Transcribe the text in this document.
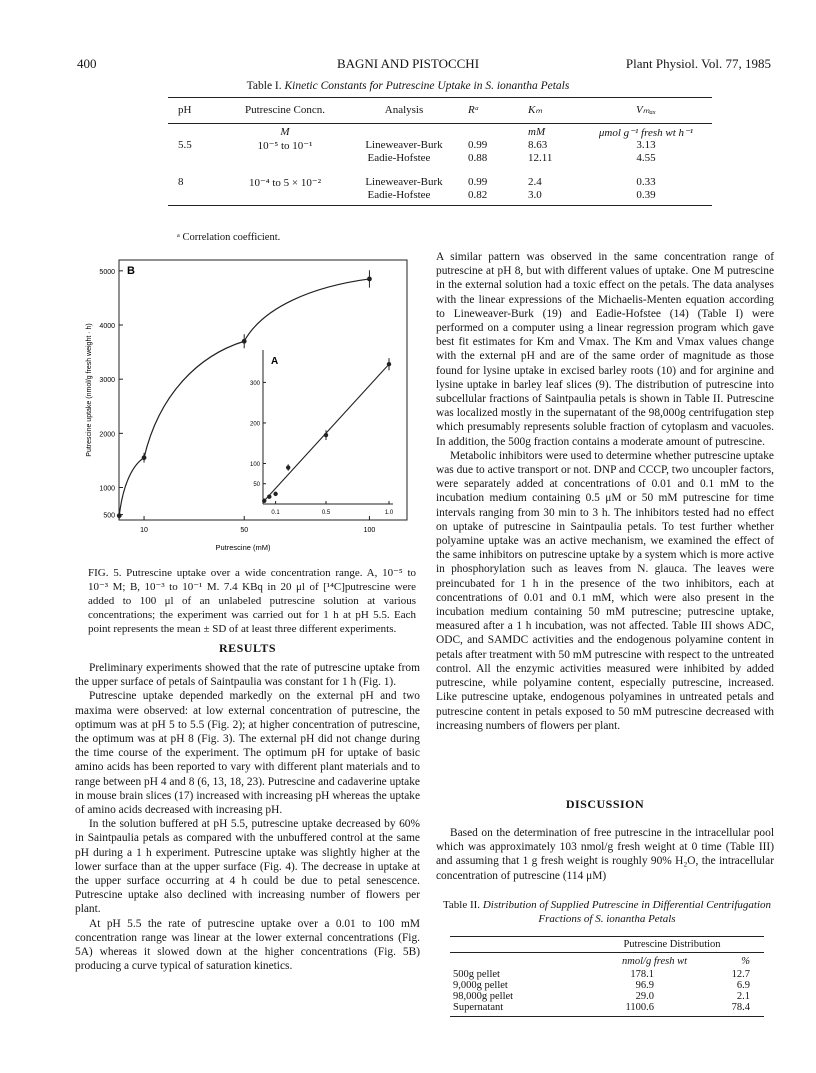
400	BAGNI AND PISTOCCHI	Plant Physiol. Vol. 77, 1985
Table I. Kinetic Constants for Putrescine Uptake in S. ionantha Petals
pH	Putrescine Concn.	Analysis	Rᵃ	Kₘ	Vₘₐₓ
	M			mM	μmol g⁻¹ fresh wt h⁻¹
5.5	10⁻⁵ to 10⁻¹	Lineweaver-Burk	0.99	8.63	3.13
		Eadie-Hofstee	0.88	12.11	4.55

8	10⁻⁴ to 5 × 10⁻²	Lineweaver-Burk	0.99	2.4	0.33
		Eadie-Hofstee	0.82	3.0	0.39
ᵃ Correlation coefficient.
B
500
1000
2000
3000
4000
5000
10	50	100
Putrescine (mM)
Putrescine uptake (nmol/g fresh weight · h)	A
50
100
200
300
0.1	0.5	1.0
FIG. 5. Putrescine uptake over a wide concentration range. A, 10⁻⁵ to 10⁻³ M; B, 10⁻³ to 10⁻¹ M. 7.4 KBq in 20 μl of [¹⁴C]putrescine were added to 100 μl of an unlabeled putrescine solution at various concentrations; the experiment was carried out for 1 h at pH 5.5. Each point represents the mean ± SD of at least three different experiments.
RESULTS

Preliminary experiments showed that the rate of putrescine uptake from the upper surface of petals of Saintpaulia was constant for 1 h (Fig. 1).

Putrescine uptake depended markedly on the external pH and two maxima were observed: at low external concentration of putrescine, the optimum was at pH 5 to 5.5 (Fig. 2); at higher concentration of putrescine, the optimum was at pH 8 (Fig. 3). The external pH did not change during the time course of the experiment. The optimum pH for uptake of basic amino acids has been reported to vary with different plant materials and to range between pH 4 and 8 (6, 13, 18, 23). Putrescine and cadaverine uptake in mouse brain slices (17) increased with increasing pH whereas the uptake of amino acids decreased with increasing pH.

In the solution buffered at pH 5.5, putrescine uptake decreased by 60% in Saintpaulia petals as compared with the unbuffered control at the same pH during a 1 h experiment. Putrescine uptake was slightly higher at the lower surface than at the upper surface (Fig. 4). The decrease in uptake at the upper surface occurring at 4 h could be due to petal senescence. Putrescine uptake also declined with increasing number of flowers per plant.

At pH 5.5 the rate of putrescine uptake over a 0.01 to 100 mM concentration range was linear at the lower external concentrations (Fig. 5A) whereas it slowed down at the higher concentrations (Fig. 5B) producing a curve typical of saturation kinetics.

A similar pattern was observed in the same concentration range of putrescine at pH 8, but with different values of uptake. One M putrescine in the external solution had a toxic effect on the petals. The data analyses with the linear expressions of the Michaelis-Menten equation according to Lineweaver-Burk (19) and Eadie-Hofstee (14) (Table I) were performed on a computer using a linear regression program which gave best fit estimates for Km and Vmax. The Km and Vmax values change with the external pH and are of the same order of magnitude as those found for lysine uptake in excised barley roots (10) and for arginine and lysine uptake in barley leaf slices (9). The distribution of putrescine into subcellular fractions of Saintpaulia petals is shown in Table II. Putrescine was localized mostly in the supernatant of the 98,000g centrifugation step which presumably represents soluble fraction of cytoplasm and vacuoles. In addition, the 500g fraction contains a moderate amount of putrescine.

Metabolic inhibitors were used to determine whether putrescine uptake was due to active transport or not. DNP and CCCP, two uncoupler factors, were separately added at concentrations of 0.01 and 0.1 mM to the incubation medium containing 0.5 μM or 50 mM putrescine for time intervals ranging from 30 min to 3 h. The inhibitors tested had no effect on uptake of putrescine in Saintpaulia petals. To test further whether polyamine uptake was an active mechanism, we examined the effect of the same inhibitors on putrescine uptake by a system which is more active in phosphorylation such as leaves from N. glauca. The leaves were preincubated for 1 h in the presence of the two inhibitors, each at concentrations of 0.01 and 0.1 mM, which were also present in the incubation medium containing 50 mM putrescine; putrescine uptake, measured after a 1 h incubation, was not affected. Table III shows ADC, ODC, and SAMDC activities and the endogenous polyamine content in petals after treatment with 50 mM putrescine with respect to the untreated control. All the enzymic activities measured were inhibited by added putrescine, while polyamine content, especially putrescine, increased. Like putrescine uptake, endogenous polyamines in untreated petals and putrescine content in petals exposed to 50 mM putrescine decreased with increasing numbers of flowers per plant.

DISCUSSION

Based on the determination of free putrescine in the intracellular pool which was approximately 103 nmol/g fresh weight at 0 time (Table III) and assuming that 1 g fresh weight is roughly 90% H₂O, the intracellular concentration of putrescine (114 μM)

Table II. Distribution of Supplied Putrescine in Differential Centrifugation Fractions of S. ionantha Petals
	Putrescine Distribution	
	nmol/g fresh wt	%
500g pellet	178.1	12.7
9,000g pellet	96.9	6.9
98,000g pellet	29.0	2.1
Supernatant	1100.6	78.4
